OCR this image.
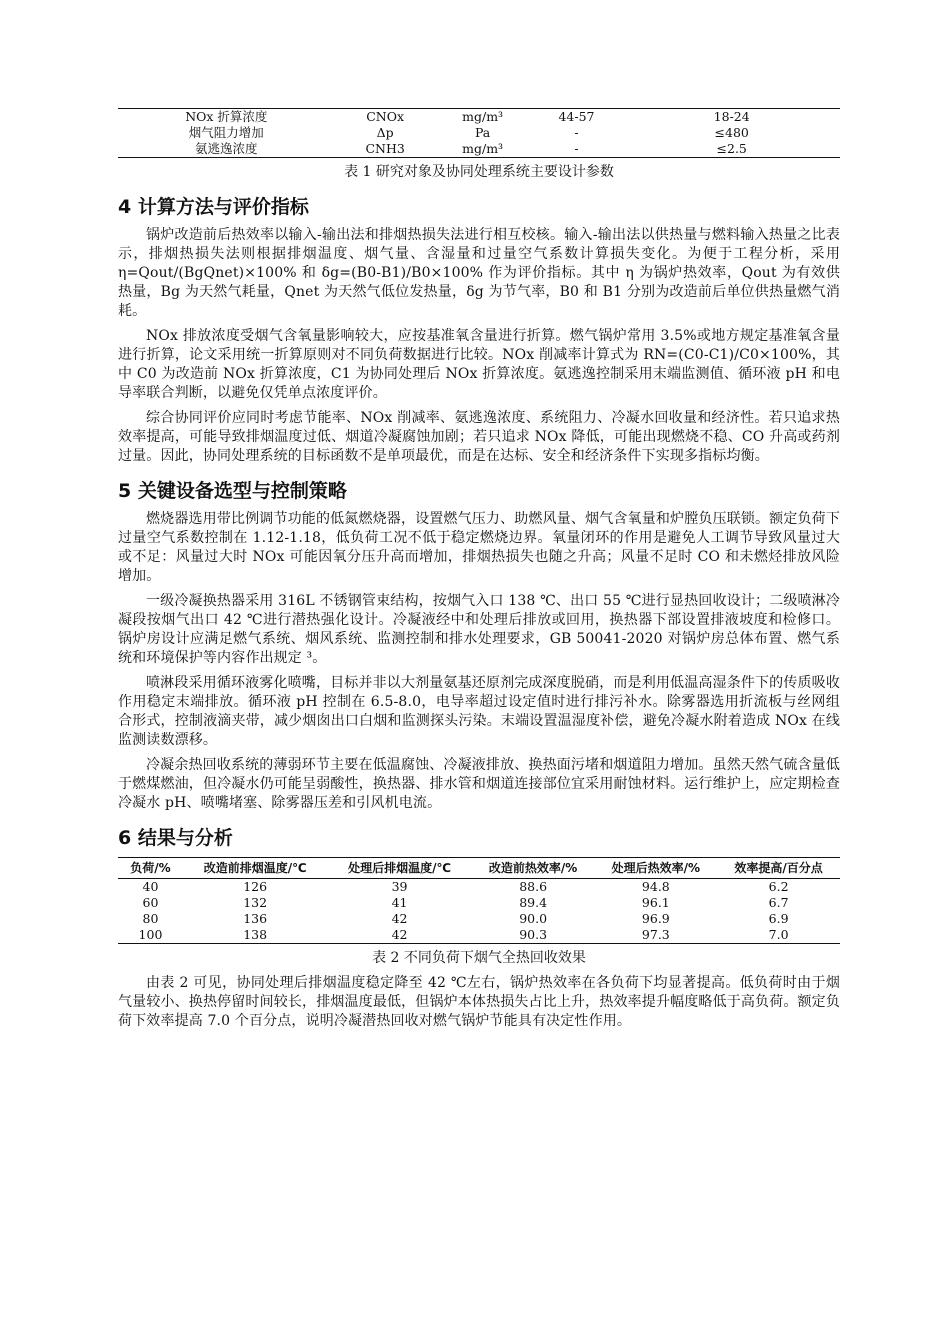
NOx 折算浓度	CNOx	mg/m³	44-57	18-24
烟气阻力增加	Δp	Pa	-	≤480
氨逃逸浓度	CNH3	mg/m³	-	≤2.5
表 1 研究对象及协同处理系统主要设计参数
4 计算方法与评价指标

锅炉改造前后热效率以输入-输出法和排烟热损失法进行相互校核。输入-输出法以供热量与燃料输入热量之比表示，排烟热损失法则根据排烟温度、烟气量、含湿量和过量空气系数计算损失变化。为便于工程分析，采用 η=Qout/(BgQnet)×100% 和 δg=(B0-B1)/B0×100% 作为评价指标。其中 η 为锅炉热效率，Qout 为有效供热量，Bg 为天然气耗量，Qnet 为天然气低位发热量，δg 为节气率，B0 和 B1 分别为改造前后单位供热量燃气消耗。

NOx 排放浓度受烟气含氧量影响较大，应按基准氧含量进行折算。燃气锅炉常用 3.5%或地方规定基准氧含量进行折算，论文采用统一折算原则对不同负荷数据进行比较。NOx 削减率计算式为 RN=(C0-C1)/C0×100%，其中 C0 为改造前 NOx 折算浓度，C1 为协同处理后 NOx 折算浓度。氨逃逸控制采用末端监测值、循环液 pH 和电导率联合判断，以避免仅凭单点浓度评价。

综合协同评价应同时考虑节能率、NOx 削减率、氨逃逸浓度、系统阻力、冷凝水回收量和经济性。若只追求热效率提高，可能导致排烟温度过低、烟道冷凝腐蚀加剧；若只追求 NOx 降低，可能出现燃烧不稳、CO 升高或药剂过量。因此，协同处理系统的目标函数不是单项最优，而是在达标、安全和经济条件下实现多指标均衡。

5 关键设备选型与控制策略

燃烧器选用带比例调节功能的低氮燃烧器，设置燃气压力、助燃风量、烟气含氧量和炉膛负压联锁。额定负荷下过量空气系数控制在 1.12-1.18，低负荷工况不低于稳定燃烧边界。氧量闭环的作用是避免人工调节导致风量过大或不足：风量过大时 NOx 可能因氧分压升高而增加，排烟热损失也随之升高；风量不足时 CO 和未燃烃排放风险增加。

一级冷凝换热器采用 316L 不锈钢管束结构，按烟气入口 138 ℃、出口 55 ℃进行显热回收设计；二级喷淋冷凝段按烟气出口 42 ℃进行潜热强化设计。冷凝液经中和处理后排放或回用，换热器下部设置排液坡度和检修口。锅炉房设计应满足燃气系统、烟风系统、监测控制和排水处理要求，GB 50041-2020 对锅炉房总体布置、燃气系统和环境保护等内容作出规定 ³。

喷淋段采用循环液雾化喷嘴，目标并非以大剂量氨基还原剂完成深度脱硝，而是利用低温高湿条件下的传质吸收作用稳定末端排放。循环液 pH 控制在 6.5-8.0，电导率超过设定值时进行排污补水。除雾器选用折流板与丝网组合形式，控制液滴夹带，减少烟囱出口白烟和监测探头污染。末端设置温湿度补偿，避免冷凝水附着造成 NOx 在线监测读数漂移。

冷凝余热回收系统的薄弱环节主要在低温腐蚀、冷凝液排放、换热面污堵和烟道阻力增加。虽然天然气硫含量低于燃煤燃油，但冷凝水仍可能呈弱酸性，换热器、排水管和烟道连接部位宜采用耐蚀材料。运行维护上，应定期检查冷凝水 pH、喷嘴堵塞、除雾器压差和引风机电流。

6 结果与分析
负荷/%	改造前排烟温度/℃	处理后排烟温度/℃	改造前热效率/%	处理后热效率/%	效率提高/百分点
40	126	39	88.6	94.8	6.2
60	132	41	89.4	96.1	6.7
80	136	42	90.0	96.9	6.9
100	138	42	90.3	97.3	7.0
表 2 不同负荷下烟气全热回收效果

由表 2 可见，协同处理后排烟温度稳定降至 42 ℃左右，锅炉热效率在各负荷下均显著提高。低负荷时由于烟气量较小、换热停留时间较长，排烟温度最低，但锅炉本体热损失占比上升，热效率提升幅度略低于高负荷。额定负荷下效率提高 7.0 个百分点，说明冷凝潜热回收对燃气锅炉节能具有决定性作用。
